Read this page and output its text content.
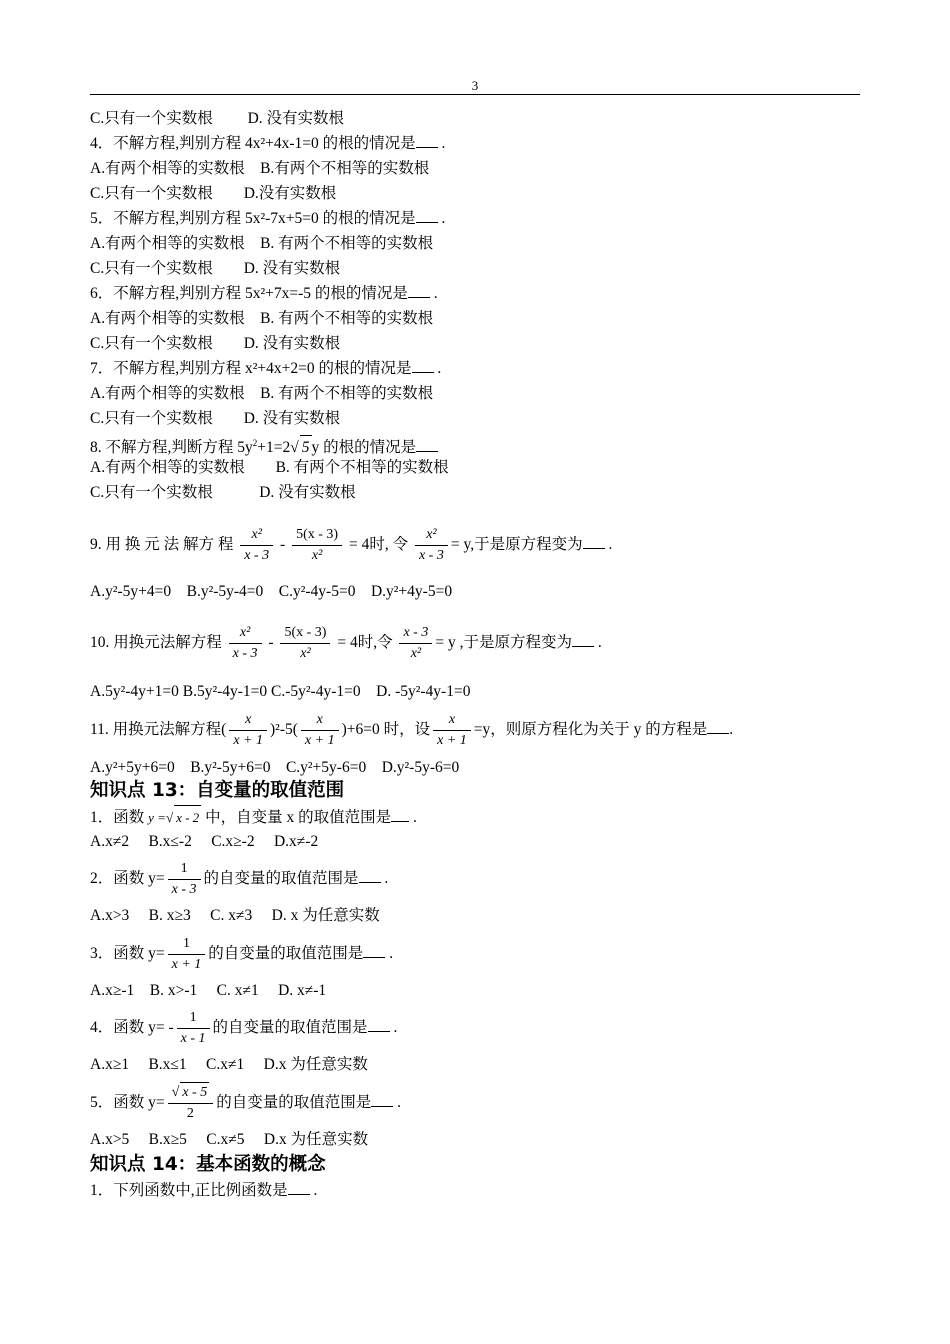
3
C.只有一个实数根　　 D. 没有实数根
4．不解方程,判别方程 4x²+4x-1=0 的根的情况是 .
A.有两个相等的实数根　B.有两个不相等的实数根
C.只有一个实数根　　D.没有实数根
5．不解方程,判别方程 5x²-7x+5=0 的根的情况是 .
A.有两个相等的实数根　B. 有两个不相等的实数根
C.只有一个实数根　　D. 没有实数根
6．不解方程,判别方程 5x²+7x=-5 的根的情况是 .
A.有两个相等的实数根　B. 有两个不相等的实数根
C.只有一个实数根　　D. 没有实数根
7．不解方程,判别方程 x²+4x+2=0 的根的情况是 .
A.有两个相等的实数根　B. 有两个不相等的实数根
C.只有一个实数根　　D. 没有实数根
8. 不解方程,判断方程 $5y^2+1=2√$ 5 y 的根的情况是
A.有两个相等的实数根　　B. 有两个不相等的实数根
C.只有一个实数根　　　D. 没有实数根
9. 用 换 元 法 解方 程 $\frac{\text{x²}}{x - 3} - \frac{5(x - 3)}{\text{x²}} = 4$时, 令 $\frac{\text{x²}}{x - 3} = y$,于是原方程变为 .
A.y²-5y+4=0　B.y²-5y-4=0　C.y²-4y-5=0　D.y²+4y-5=0
10. 用换元法解方程 $\frac{\text{x²}}{x - 3} - \frac{5(x - 3)}{\text{x²}} = 4$时,令 $\frac{x - 3}{\text{x²}} = y$ ,于是原方程变为 .
A.5y²-4y+1=0 B.5y²-4y-1=0 C.-5y²-4y-1=0　D. -5y²-4y-1=0
11. 用换元法解方程( $\frac{x}{x + 1} )^2-5( \frac{x}{x + 1} )+6=0$ 时，设 $\frac{x}{x + 1} =y$，则原方程化为关于 y 的方程是 .
A.y²+5y+6=0　B.y²-5y+6=0　C.y²+5y-6=0　D.y²-5y-6=0
知识点 13：自变量的取值范围
1．函数 y =√ x - 2 中，自变量 x 的取值范围是 .
A.x≠2　 B.x≤-2　 C.x≥-2　 D.x≠-2
2．函数 $y= \frac{1}{x - 3}$ 的自变量的取值范围是 .
A.x>3　 B. x≥3　 C. x≠3　 D. x 为任意实数
3．函数 $y= \frac{1}{x + 1}$ 的自变量的取值范围是 .
A.x≥-1　B. x>-1　 C. x≠1　 D. x≠-1
4．函数 $y= - \frac{1}{x - 1}$ 的自变量的取值范围是 .
A.x≥1　 B.x≤1　 C.x≠1　 D.x 为任意实数
5．函数 $y= \frac{√ x - 5}{2}$ 的自变量的取值范围是 .
A.x>5　 B.x≥5　 C.x≠5　 D.x 为任意实数
知识点 14：基本函数的概念
1．下列函数中,正比例函数是 .
